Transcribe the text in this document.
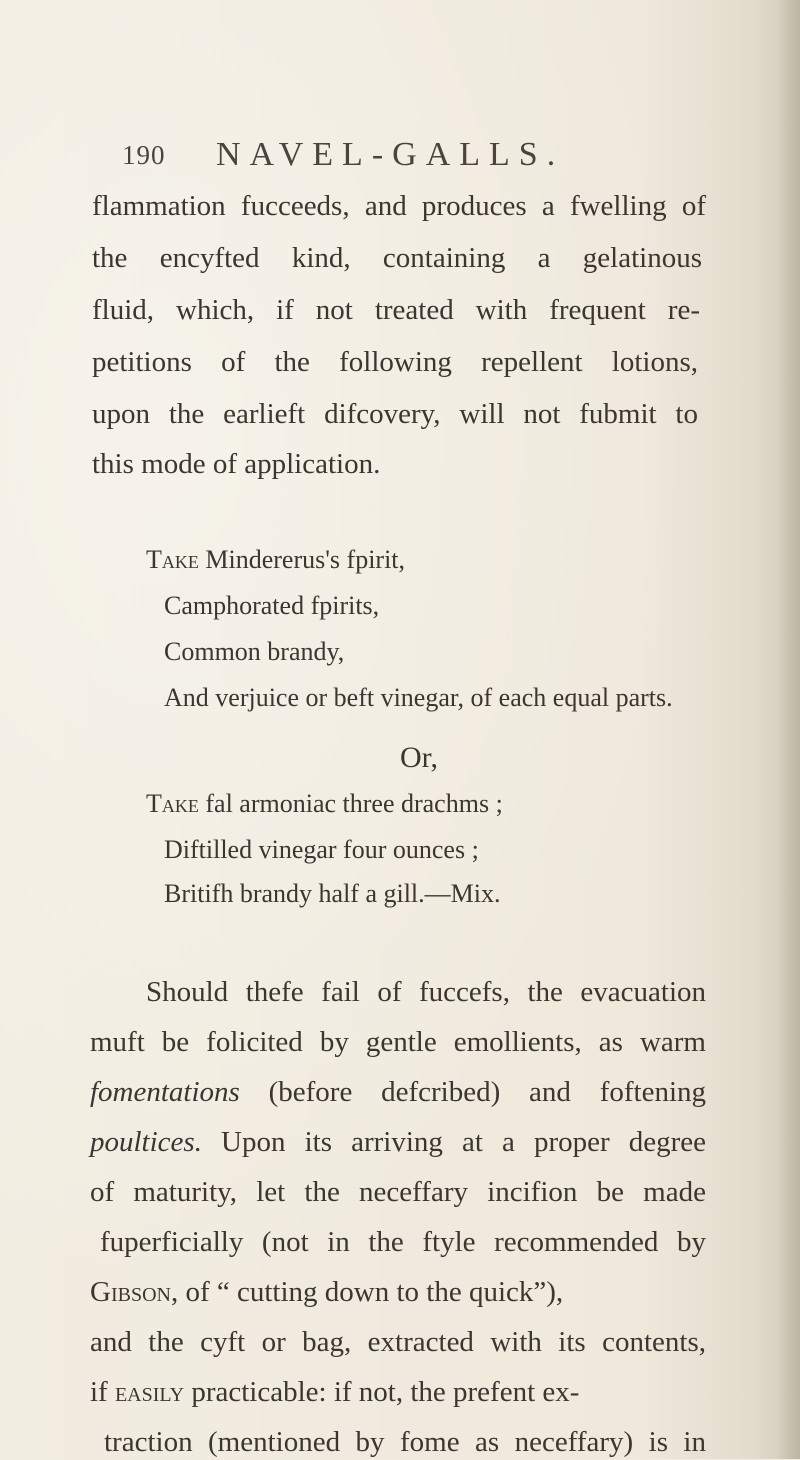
190 NAVEL-GALLS.
flammation fucceeds, and produces a fwelling of
the encyfted kind, containing a gelatinous
fluid, which, if not treated with frequent re-
petitions of the following repellent lotions,
upon the earlieft difcovery, will not fubmit to
this mode of application.
Take Mindererus's fpirit,
Camphorated fpirits,
Common brandy,
And verjuice or beft vinegar, of each equal parts.
Or,
Take fal armoniac three drachms ;
Diftilled vinegar four ounces ;
Britifh brandy half a gill.—Mix.
Should thefe fail of fuccefs, the evacuation
muft be folicited by gentle emollients, as warm
fomentations (before defcribed) and foftening
poultices. Upon its arriving at a proper degree
of maturity, let the neceffary incifion be made
fuperficially (not in the ftyle recommended by
Gibson, of “ cutting down to the quick”),
and the cyft or bag, extracted with its contents,
if easily practicable: if not, the prefent ex-
traction (mentioned by fome as neceffary) is in
